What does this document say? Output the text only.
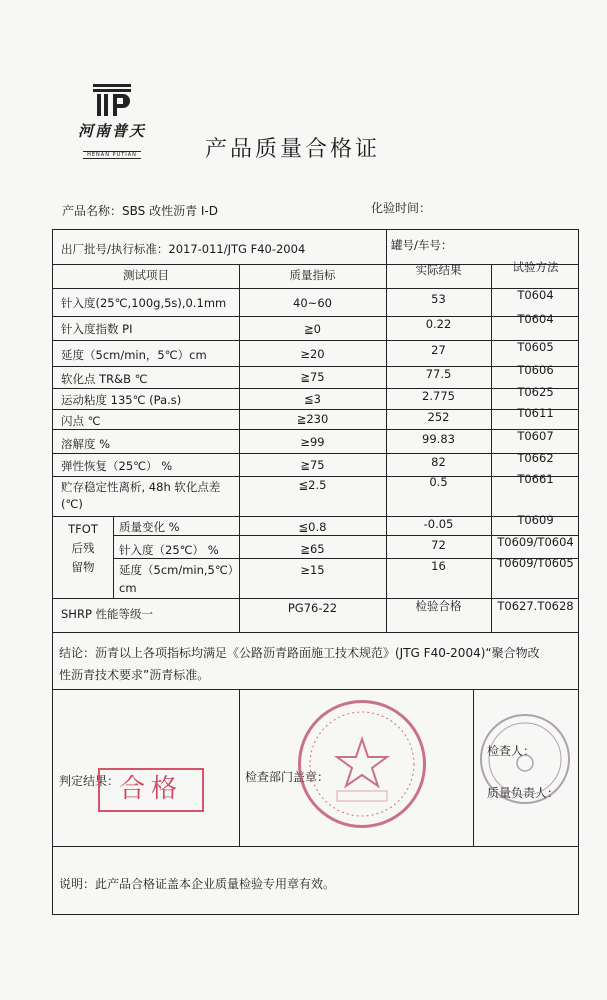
河南普天
HENAN PUTIAN	产品质量合格证
产品名称：SBS 改性沥青 I-D	化验时间：
出厂批号/执行标准：2017-011/JTG F40-2004	罐号/车号：
测试项目	质量指标	实际结果	试验方法
针入度(25℃,100g,5s),0.1mm	40~60	53	T0604
针入度指数 PI	≧0	0.22	T0604
延度（5cm/min，5℃）cm	≥20	27	T0605
软化点 TR&B ℃	≧75	77.5	T0606
运动粘度 135℃ (Pa.s)	≦3	2.775	T0625
闪点 ℃	≧230	252	T0611
溶解度 %	≥99	99.83	T0607
弹性恢复（25℃） %	≧75	82	T0662
贮存稳定性离析, 48h 软化点差
(℃)
≦2.5	0.5	T0661
TFOT
后残
留物
质量变化 %	≦0.8	-0.05	T0609
针入度（25℃） %	≧65	72	T0609/T0604
延度（5cm/min,5℃）
cm
≥15	16	T0609/T0605
SHRP 性能等级一	PG76-22	检验合格	T0627.T0628
结论：沥青以上各项指标均满足《公路沥青路面施工技术规范》(JTG F40-2004)“聚合物改
性沥青技术要求”沥青标准。
判定结果：	检查部门盖章：
检查人：
质量负责人：
说明：此产品合格证盖本企业质量检验专用章有效。
合格
